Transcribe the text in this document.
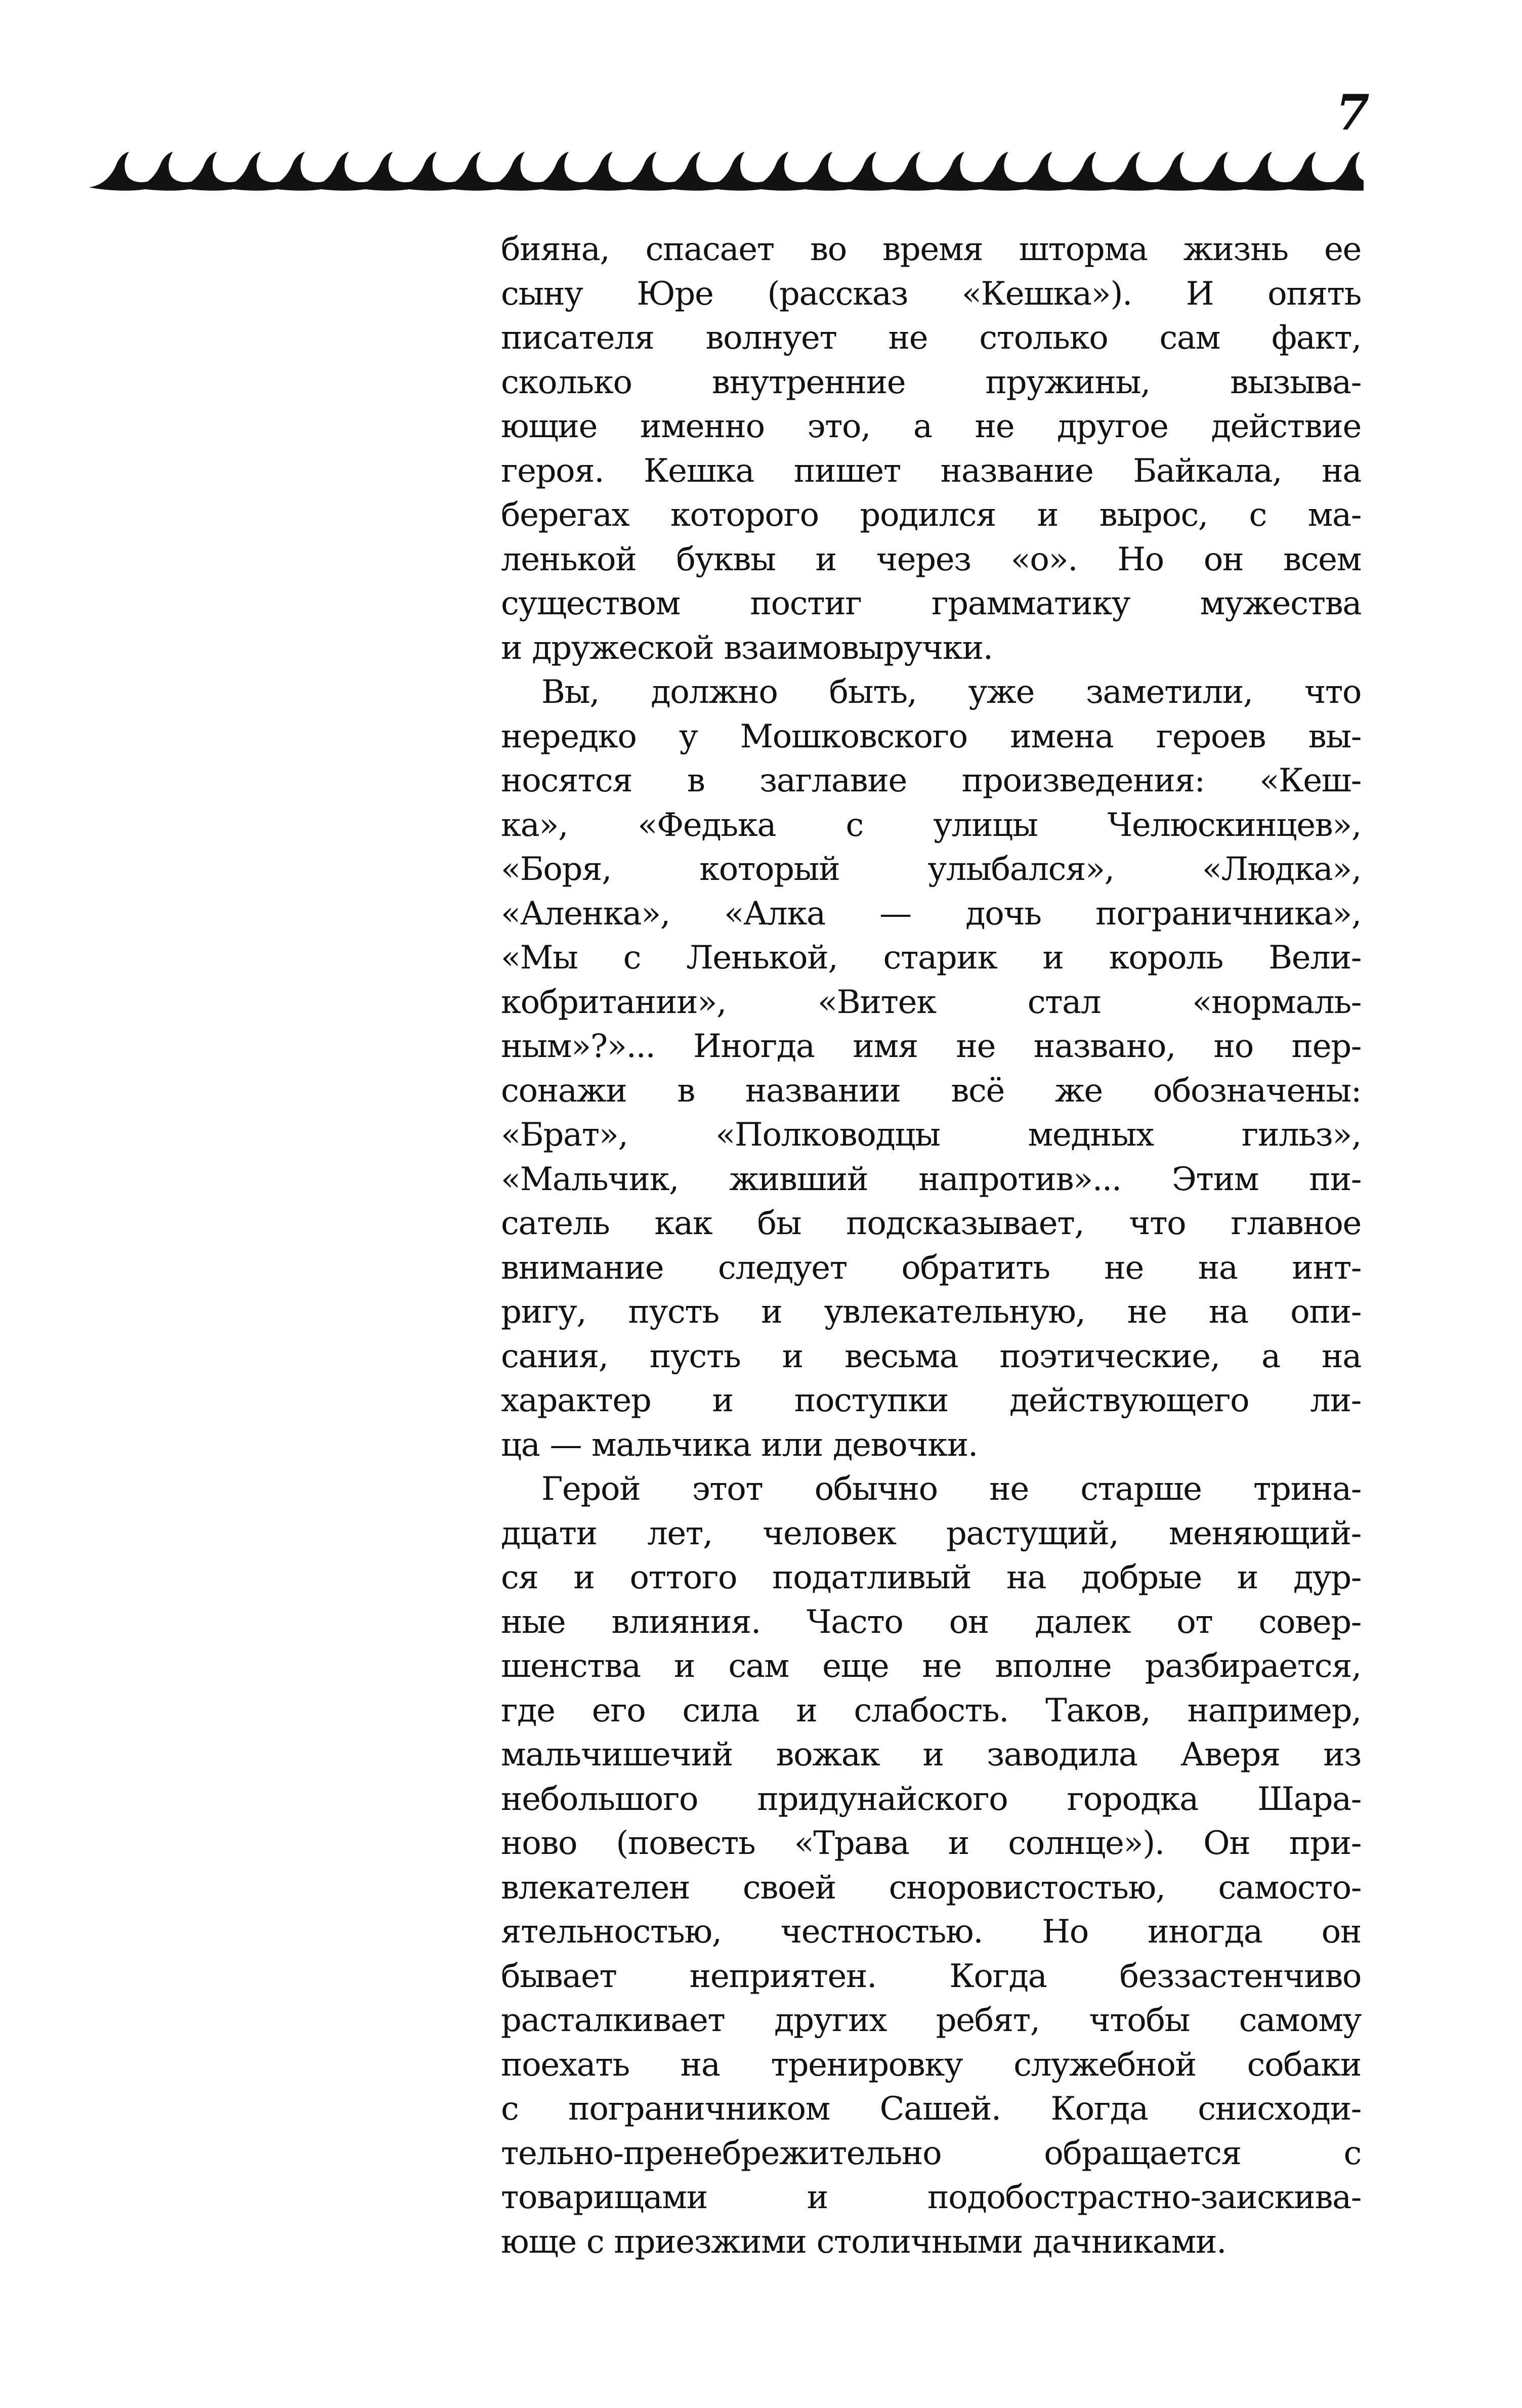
7
бияна, спасает во время шторма жизнь ее
сыну Юре (рассказ «Кешка»). И опять
писателя волнует не столько сам факт,
сколько внутренние пружины, вызыва-
ющие именно это, а не другое действие
героя. Кешка пишет название Байкала, на
берегах которого родился и вырос, с ма-
ленькой буквы и через «о». Но он всем
существом постиг грамматику мужества
и дружеской взаимовыручки.
Вы, должно быть, уже заметили, что
нередко у Мошковского имена героев вы-
носятся в заглавие произведения: «Кеш-
ка», «Федька с улицы Челюскинцев»,
«Боря, который улыбался», «Людка»,
«Аленка», «Алка — дочь пограничника»,
«Мы с Ленькой, старик и король Вели-
кобритании», «Витек стал «нормаль-
ным»?»... Иногда имя не названо, но пер-
сонажи в названии всё же обозначены:
«Брат», «Полководцы медных гильз»,
«Мальчик, живший напротив»... Этим пи-
сатель как бы подсказывает, что главное
внимание следует обратить не на инт-
ригу, пусть и увлекательную, не на опи-
сания, пусть и весьма поэтические, а на
характер и поступки действующего ли-
ца — мальчика или девочки.
Герой этот обычно не старше трина-
дцати лет, человек растущий, меняющий-
ся и оттого податливый на добрые и дур-
ные влияния. Часто он далек от совер-
шенства и сам еще не вполне разбирается,
где его сила и слабость. Таков, например,
мальчишечий вожак и заводила Аверя из
небольшого придунайского городка Шара-
ново (повесть «Трава и солнце»). Он при-
влекателен своей сноровистостью, самосто-
ятельностью, честностью. Но иногда он
бывает неприятен. Когда беззастенчиво
расталкивает других ребят, чтобы самому
поехать на тренировку служебной собаки
с пограничником Сашей. Когда снисходи-
тельно-пренебрежительно обращается с
товарищами и подобострастно-заискива-
юще с приезжими столичными дачниками.
